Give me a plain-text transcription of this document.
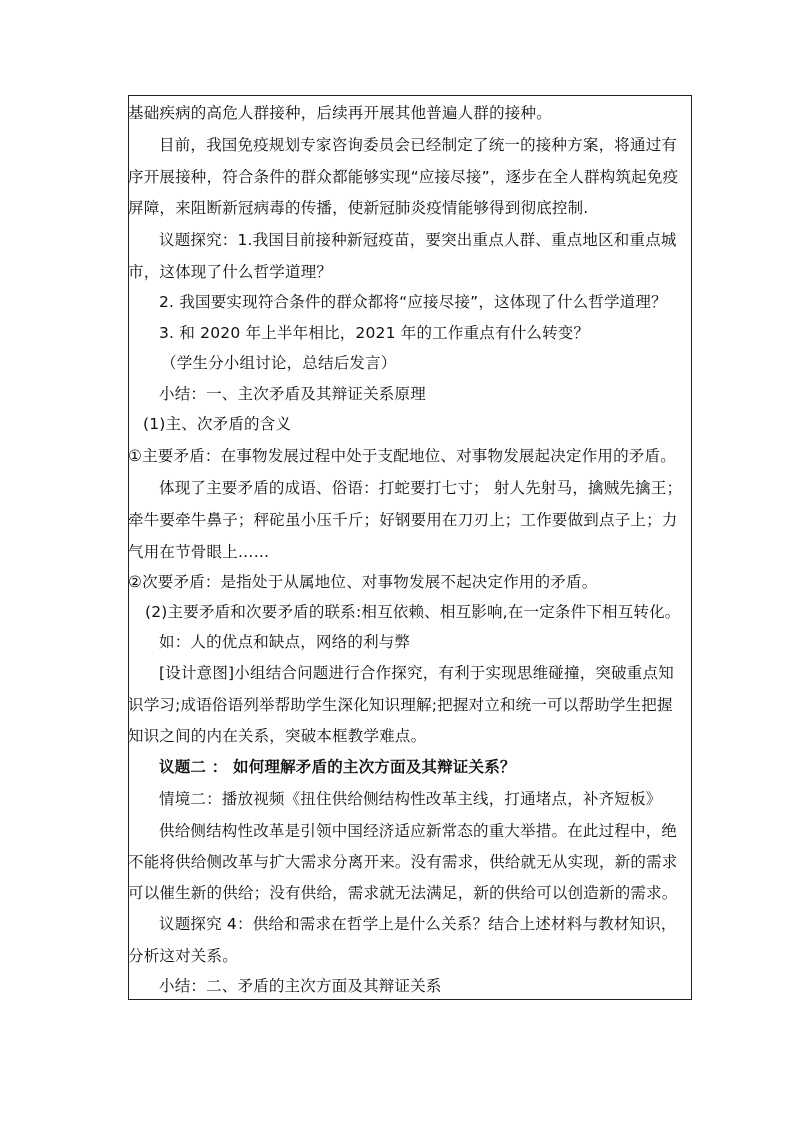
基础疾病的高危人群接种，后续再开展其他普遍人群的接种。
目前，我国免疫规划专家咨询委员会已经制定了统一的接种方案，将通过有
序开展接种，符合条件的群众都能够实现“应接尽接”，逐步在全人群构筑起免疫
屏障，来阻断新冠病毒的传播，使新冠肺炎疫情能够得到彻底控制.
议题探究：1.我国目前接种新冠疫苗，要突出重点人群、重点地区和重点城
市，这体现了什么哲学道理？
2. 我国要实现符合条件的群众都将“应接尽接”，这体现了什么哲学道理？
3. 和 2020 年上半年相比，2021 年的工作重点有什么转变？
（学生分小组讨论，总结后发言）
小结：一、主次矛盾及其辩证关系原理
(1)主、次矛盾的含义
①主要矛盾：在事物发展过程中处于支配地位、对事物发展起决定作用的矛盾。
体现了主要矛盾的成语、俗语：打蛇要打七寸； 射人先射马，擒贼先擒王；
牵牛要牵牛鼻子；秤砣虽小压千斤；好钢要用在刀刃上；工作要做到点子上；力
气用在节骨眼上……
②次要矛盾：是指处于从属地位、对事物发展不起决定作用的矛盾。
(2)主要矛盾和次要矛盾的联系:相互依赖、相互影响,在一定条件下相互转化。
如：人的优点和缺点，网络的利与弊
[设计意图]小组结合问题进行合作探究，有利于实现思维碰撞，突破重点知
识学习;成语俗语列举帮助学生深化知识理解;把握对立和统一可以帮助学生把握
知识之间的内在关系，突破本框教学难点。
议题二 ： 如何理解矛盾的主次方面及其辩证关系？
情境二：播放视频《扭住供给侧结构性改革主线，打通堵点，补齐短板》
供给侧结构性改革是引领中国经济适应新常态的重大举措。在此过程中，绝
不能将供给侧改革与扩大需求分离开来。没有需求，供给就无从实现，新的需求
可以催生新的供给；没有供给，需求就无法满足，新的供给可以创造新的需求。
议题探究 4：供给和需求在哲学上是什么关系？结合上述材料与教材知识，
分析这对关系。
小结：二、矛盾的主次方面及其辩证关系
